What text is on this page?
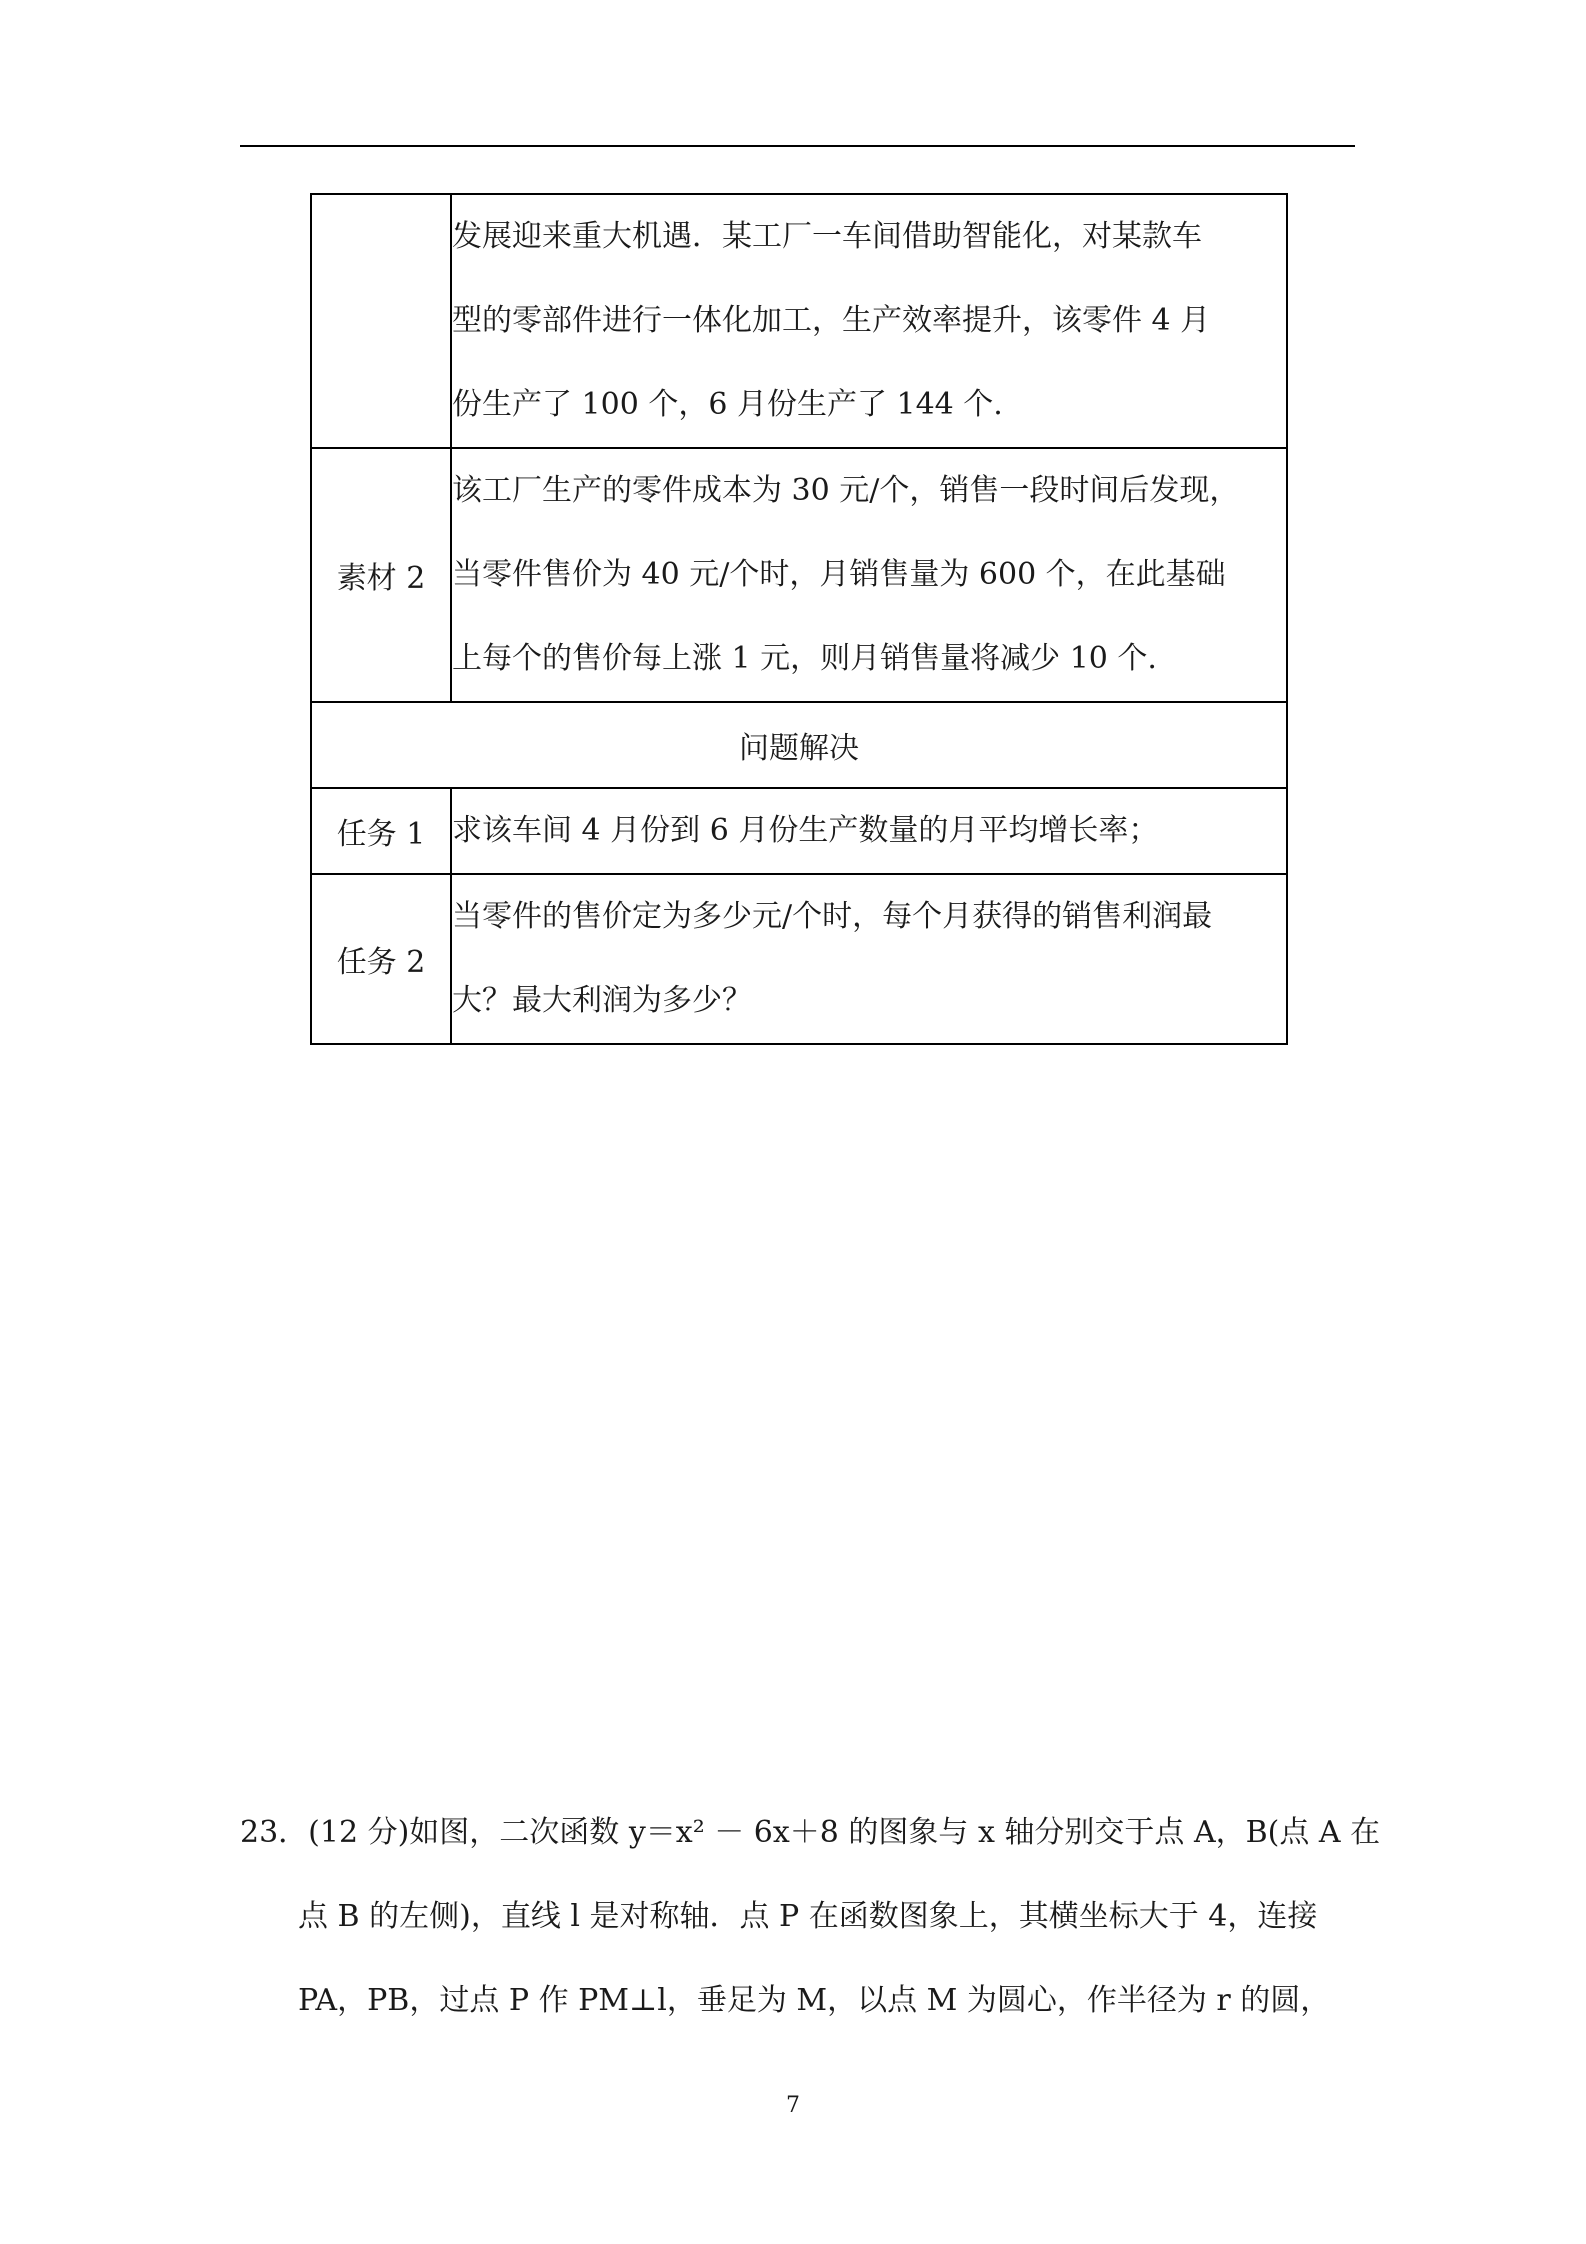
	发展迎来重大机遇．某工厂一车间借助智能化，对某款车
型的零部件进行一体化加工，生产效率提升，该零件 4 月
份生产了 100 个，6 月份生产了 144 个.

素材 2	该工厂生产的零件成本为 30 元/个，销售一段时间后发现，
当零件售价为 40 元/个时，月销售量为 600 个，在此基础
上每个的售价每上涨 1 元，则月销售量将减少 10 个.

问题解决	
任务 1	求该车间 4 月份到 6 月份生产数量的月平均增长率；

任务 2	当零件的售价定为多少元/个时，每个月获得的销售利润最
大？最大利润为多少？
23．(12 分)如图，二次函数 y＝x² － 6x＋8 的图象与 x 轴分别交于点 A，B(点 A 在
点 B 的左侧)，直线 l 是对称轴．点 P 在函数图象上，其横坐标大于 4，连接
PA，PB，过点 P 作 PM⊥l，垂足为 M，以点 M 为圆心，作半径为 r 的圆，
7
